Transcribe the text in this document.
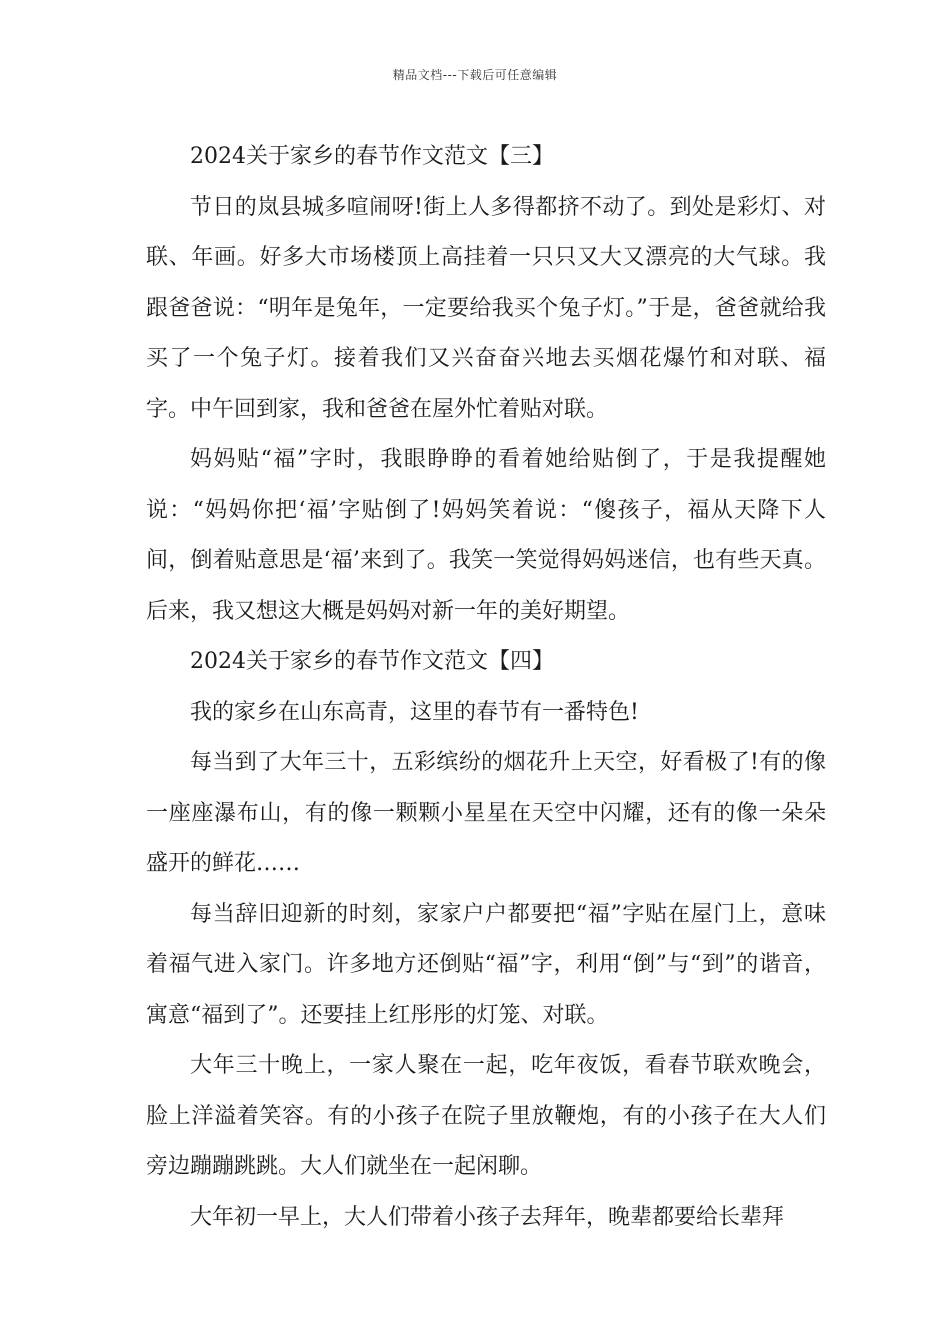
精品文档---下载后可任意编辑

2024关于家乡的春节作文范文【三】

节日的岚县城多喧闹呀!街上人多得都挤不动了。到处是彩灯、对联、年画。好多大市场楼顶上高挂着一只只又大又漂亮的大气球。我跟爸爸说：“明年是兔年，一定要给我买个兔子灯。”于是，爸爸就给我买了一个兔子灯。接着我们又兴奋奋兴地去买烟花爆竹和对联、福字。中午回到家，我和爸爸在屋外忙着贴对联。

妈妈贴“福”字时，我眼睁睁的看着她给贴倒了，于是我提醒她说：“妈妈你把‘福’字贴倒了!妈妈笑着说：“傻孩子，福从天降下人间，倒着贴意思是‘福’来到了。我笑一笑觉得妈妈迷信，也有些天真。后来，我又想这大概是妈妈对新一年的美好期望。

2024关于家乡的春节作文范文【四】

我的家乡在山东高青，这里的春节有一番特色!

每当到了大年三十，五彩缤纷的烟花升上天空，好看极了!有的像一座座瀑布山，有的像一颗颗小星星在天空中闪耀，还有的像一朵朵盛开的鲜花……

每当辞旧迎新的时刻，家家户户都要把“福”字贴在屋门上，意味着福气进入家门。许多地方还倒贴“福”字，利用“倒”与“到”的谐音，寓意“福到了”。还要挂上红彤彤的灯笼、对联。

大年三十晚上，一家人聚在一起，吃年夜饭，看春节联欢晚会，脸上洋溢着笑容。有的小孩子在院子里放鞭炮，有的小孩子在大人们旁边蹦蹦跳跳。大人们就坐在一起闲聊。

大年初一早上，大人们带着小孩子去拜年，晚辈都要给长辈拜
